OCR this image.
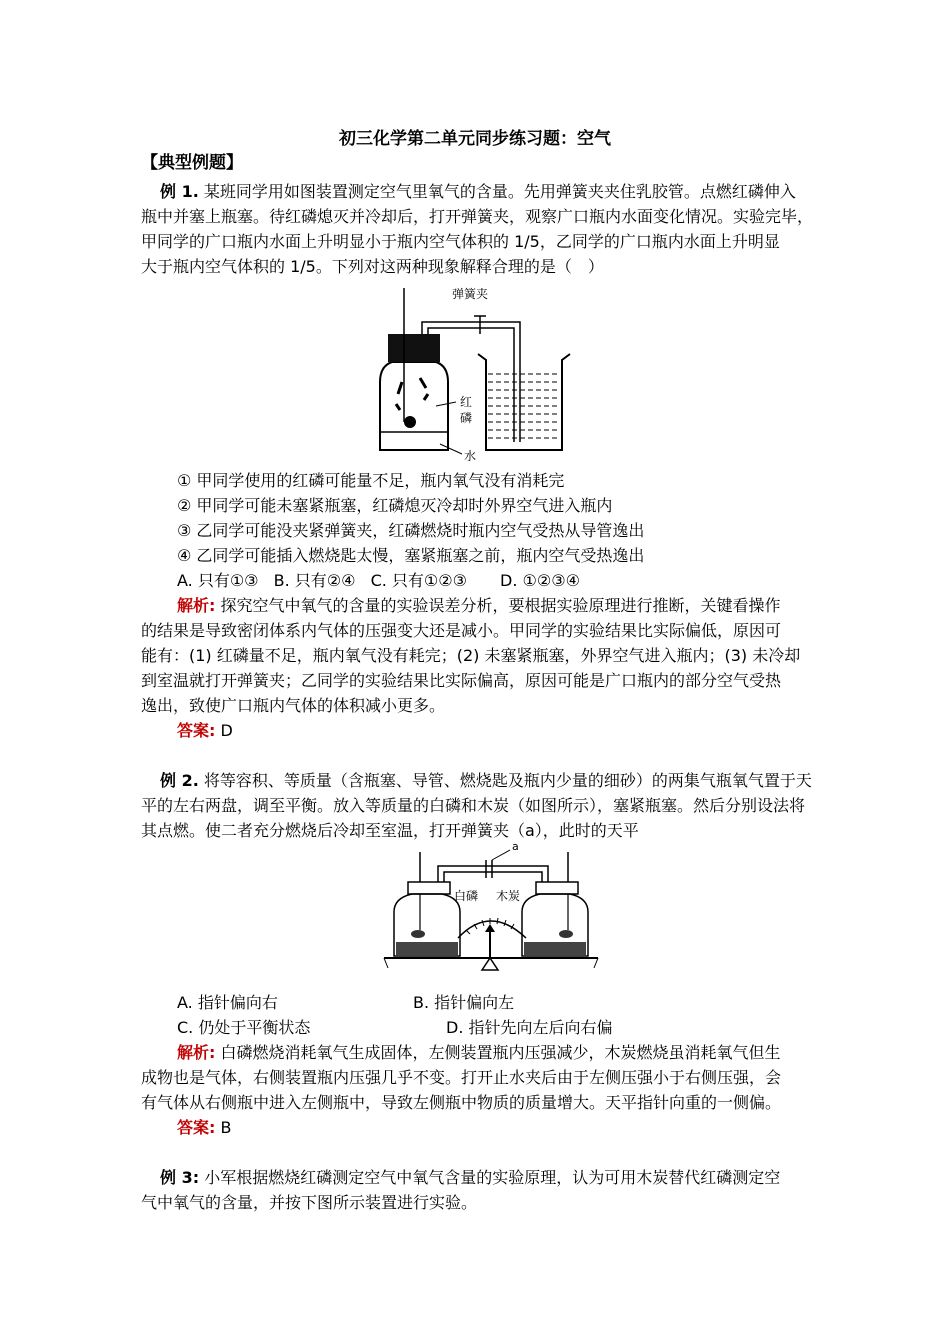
初三化学第二单元同步练习题：空气
【典型例题】
例 1. 某班同学用如图装置测定空气里氧气的含量。先用弹簧夹夹住乳胶管。点燃红磷伸入
瓶中并塞上瓶塞。待红磷熄灭并冷却后，打开弹簧夹，观察广口瓶内水面变化情况。实验完毕，
甲同学的广口瓶内水面上升明显小于瓶内空气体积的 1/5，乙同学的广口瓶内水面上升明显
大于瓶内空气体积的 1/5。下列对这两种现象解释合理的是（　）
弹簧夹
红
磷
水
① 甲同学使用的红磷可能量不足，瓶内氧气没有消耗完
② 甲同学可能未塞紧瓶塞，红磷熄灭冷却时外界空气进入瓶内
③ 乙同学可能没夹紧弹簧夹，红磷燃烧时瓶内空气受热从导管逸出
④ 乙同学可能插入燃烧匙太慢，塞紧瓶塞之前，瓶内空气受热逸出
A. 只有①③ B. 只有②④ C. 只有①②③ D. ①②③④
解析: 探究空气中氧气的含量的实验误差分析，要根据实验原理进行推断，关键看操作
的结果是导致密闭体系内气体的压强变大还是减小。甲同学的实验结果比实际偏低，原因可
能有：(1) 红磷量不足，瓶内氧气没有耗完；(2) 未塞紧瓶塞，外界空气进入瓶内；(3) 未冷却
到室温就打开弹簧夹；乙同学的实验结果比实际偏高，原因可能是广口瓶内的部分空气受热
逸出，致使广口瓶内气体的体积减小更多。
答案: D
例 2. 将等容积、等质量（含瓶塞、导管、燃烧匙及瓶内少量的细砂）的两集气瓶氧气置于天
平的左右两盘，调至平衡。放入等质量的白磷和木炭（如图所示），塞紧瓶塞。然后分别设法将
其点燃。使二者充分燃烧后冷却至室温，打开弹簧夹（a），此时的天平
a
白磷 木炭
A. 指针偏向右	B. 指针偏向左
C. 仍处于平衡状态	D. 指针先向左后向右偏
解析: 白磷燃烧消耗氧气生成固体，左侧装置瓶内压强减少，木炭燃烧虽消耗氧气但生
成物也是气体，右侧装置瓶内压强几乎不变。打开止水夹后由于左侧压强小于右侧压强，会
有气体从右侧瓶中进入左侧瓶中，导致左侧瓶中物质的质量增大。天平指针向重的一侧偏。
答案: B
例 3: 小军根据燃烧红磷测定空气中氧气含量的实验原理，认为可用木炭替代红磷测定空
气中氧气的含量，并按下图所示装置进行实验。
